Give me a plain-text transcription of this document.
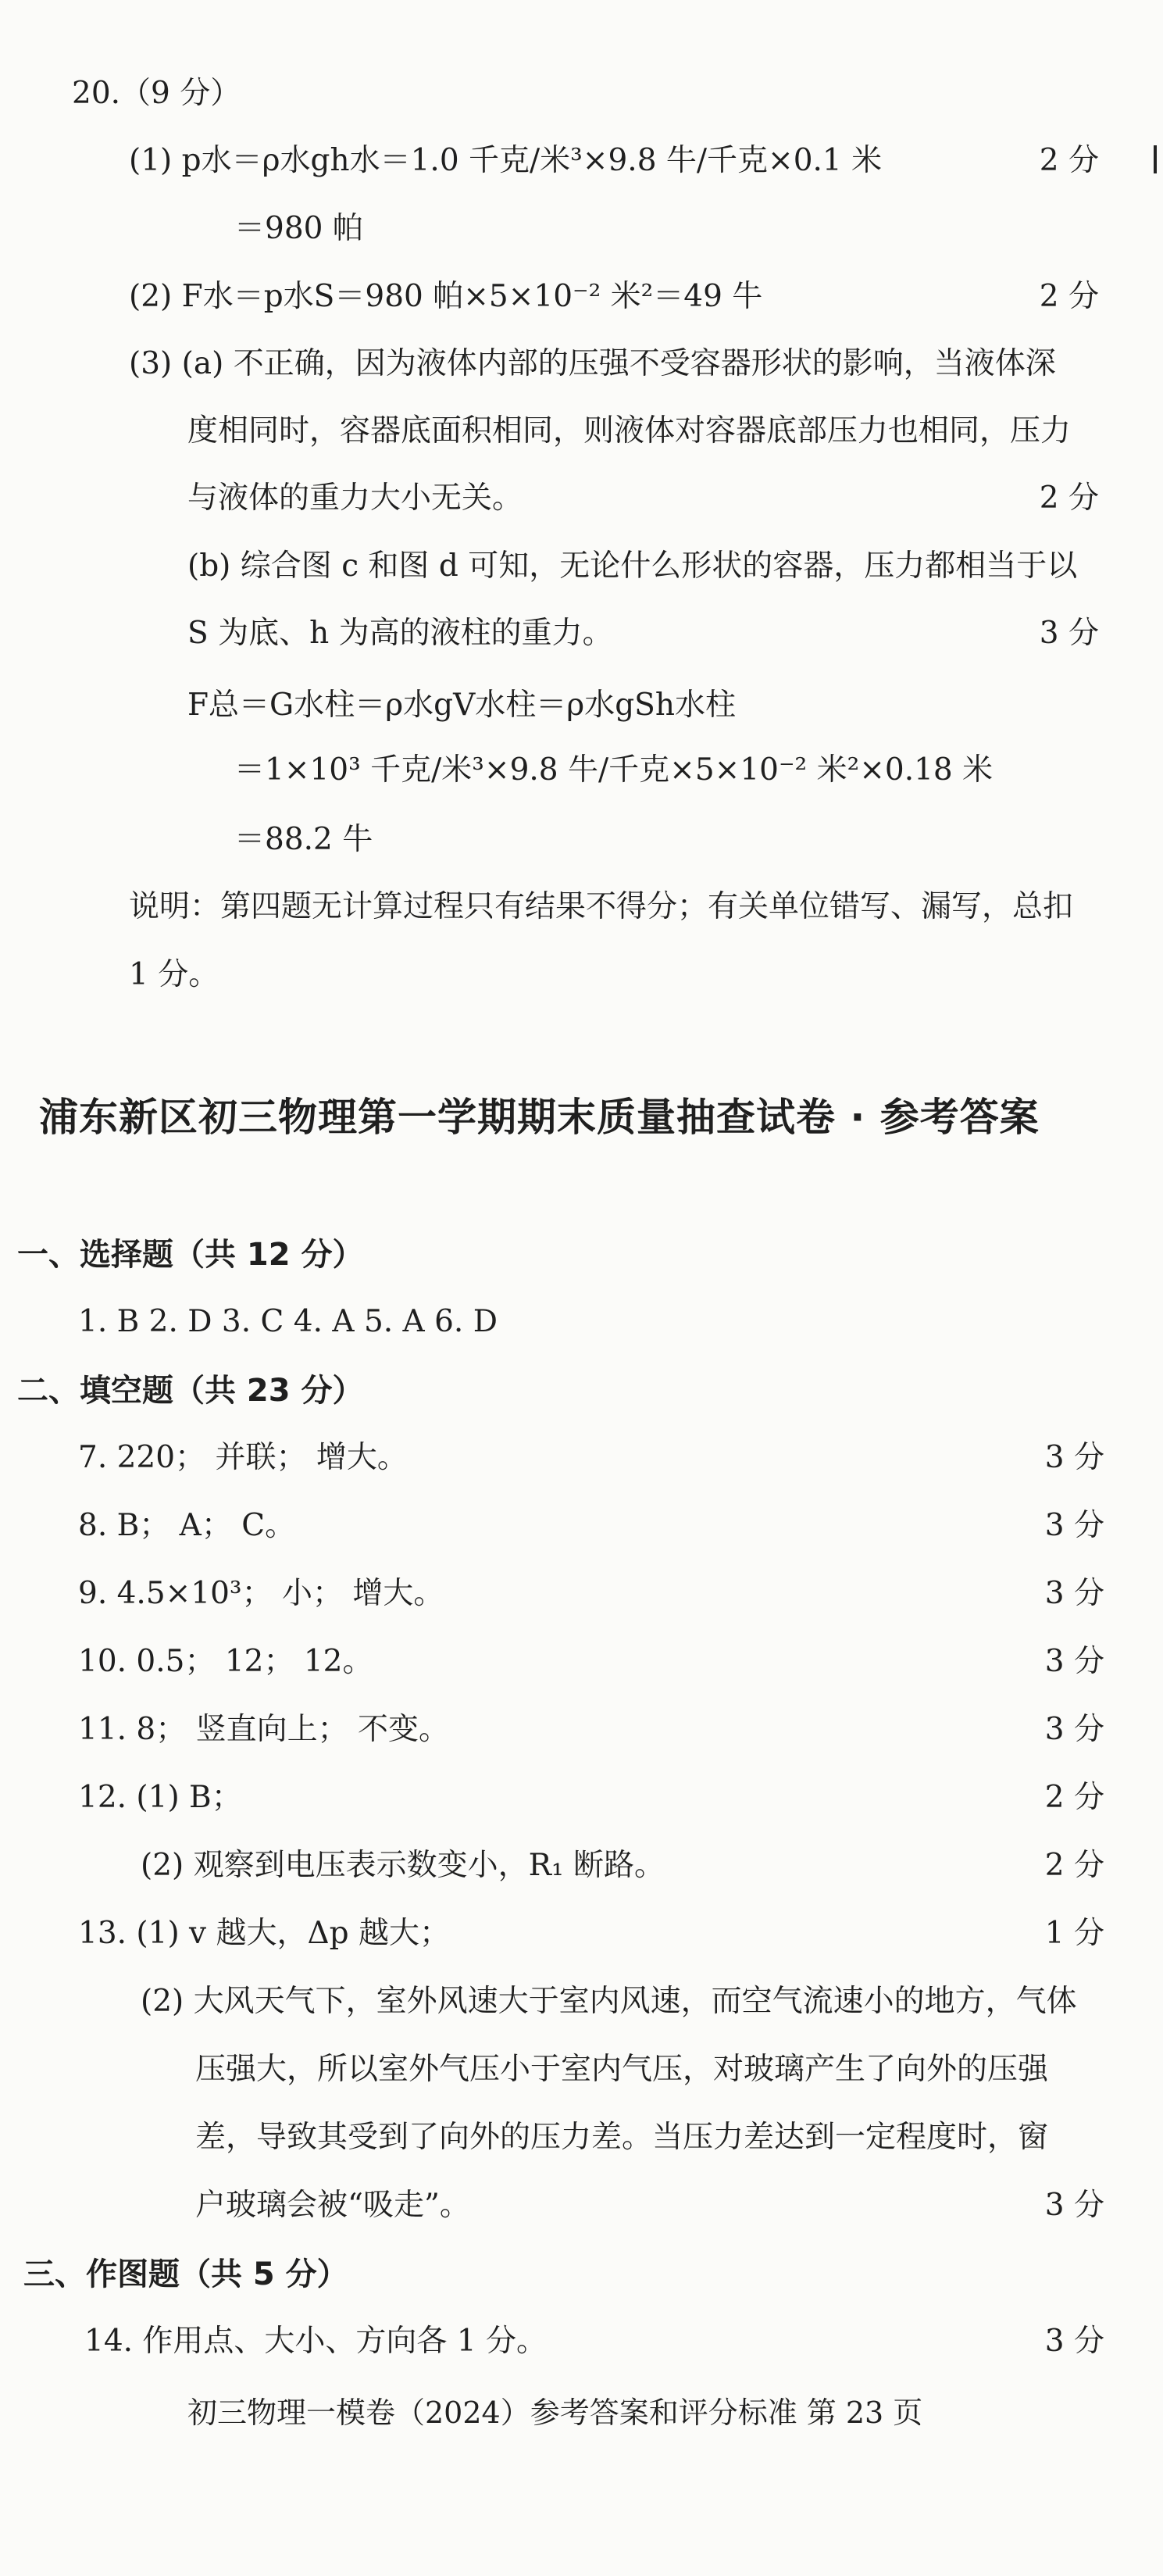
20.（9 分）
(1) p水＝ρ水gh水＝1.0 千克/米³×9.8 牛/千克×0.1 米	2 分
＝980 帕
(2) F水＝p水S＝980 帕×5×10⁻² 米²＝49 牛	2 分
(3) (a) 不正确，因为液体内部的压强不受容器形状的影响，当液体深
度相同时，容器底面积相同，则液体对容器底部压力也相同，压力
与液体的重力大小无关。	2 分
(b) 综合图 c 和图 d 可知，无论什么形状的容器，压力都相当于以
S 为底、h 为高的液柱的重力。	3 分
F总＝G水柱＝ρ水gV水柱＝ρ水gSh水柱
＝1×10³ 千克/米³×9.8 牛/千克×5×10⁻² 米²×0.18 米
＝88.2 牛
说明：第四题无计算过程只有结果不得分；有关单位错写、漏写，总扣
1 分。
浦东新区初三物理第一学期期末质量抽查试卷 · 参考答案
一、选择题（共 12 分）
1. B 2. D 3. C 4. A 5. A 6. D
二、填空题（共 23 分）
7. 220； 并联； 增大。	3 分
8. B； A； C。	3 分
9. 4.5×10³； 小； 增大。	3 分
10. 0.5； 12； 12。	3 分
11. 8； 竖直向上； 不变。	3 分
12. (1) B；	2 分
(2) 观察到电压表示数变小，R₁ 断路。	2 分
13. (1) v 越大，Δp 越大；	1 分
(2) 大风天气下，室外风速大于室内风速，而空气流速小的地方，气体
压强大，所以室外气压小于室内气压，对玻璃产生了向外的压强
差，导致其受到了向外的压力差。当压力差达到一定程度时，窗
户玻璃会被“吸走”。	3 分
三、作图题（共 5 分）
14. 作用点、大小、方向各 1 分。	3 分
初三物理一模卷（2024）参考答案和评分标准 第 23 页
